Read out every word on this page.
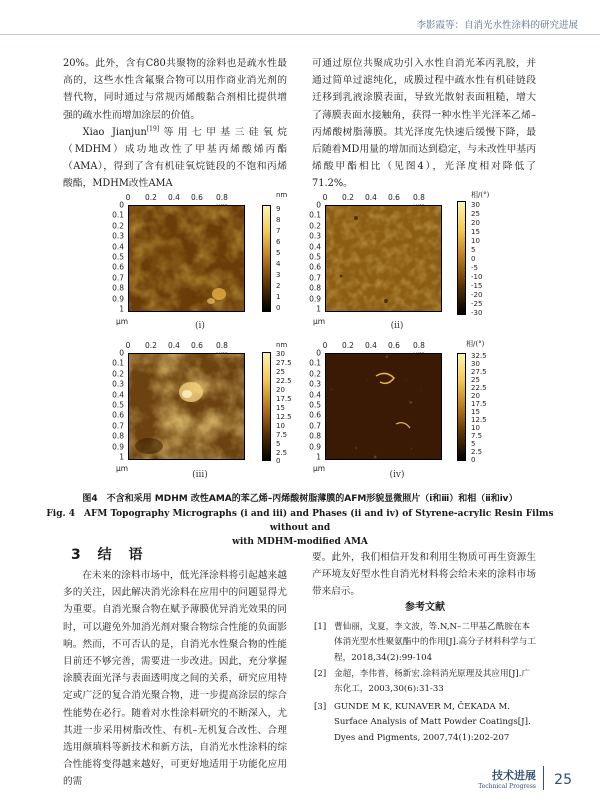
李影霞等：自消光水性涂料的研究进展

20%。此外，含有C80共聚物的涂料也是疏水性最高的，这些水性含氟聚合物可以用作商业消光剂的替代物，同时通过与常规丙烯酸黏合剂相比提供增强的疏水性而增加涂层的价值。

Xiao Jianjun[19]等用七甲基三硅氧烷（MDHM）成功地改性了甲基丙烯酸烯丙酯（AMA），得到了含有机硅氧烷链段的不饱和丙烯酸酯，MDHM改性AMA

可通过原位共聚成功引入水性自消光苯丙乳胶，并通过简单过滤纯化，成膜过程中疏水性有机硅链段迁移到乳液涂膜表面，导致光散射表面粗糙，增大了薄膜表面水接触角，获得一种水性半光泽苯乙烯–丙烯酸树脂薄膜。其光泽度先快速后缓慢下降，最后随着MD用量的增加而达到稳定，与未改性甲基丙烯酸甲酯相比（见图4），光泽度相对降低了71.2%。

0 0.2 0.4 0.6 0.8
0
0.1
0.2
0.3
0.4
0.5
0.6
0.7
0.8
0.9
1
μm
nm
9
8
7
6
5
4
3
2
1
0
(i)
0 0.2 0.4 0.6 0.8
0
0.1
0.2
0.3
0.4
0.5
0.6
0.7
0.8
0.9
1
μm
相/(°)
30
25
20
15
10
5
0
-5
-10
-15
-20
-25
-30
(ii)
0 0.2 0.4 0.6 0.8
0
0.1
0.2
0.3
0.4
0.5
0.6
0.7
0.8
0.9
1
μm
nm
30
27.5
25
22.5
20
17.5
15
12.5
10
7.5
5
2.5
0
(iii)
0 0.2 0.4 0.6 0.8
0
0.1
0.2
0.3
0.4
0.5
0.6
0.7
0.8
0.9
1
μm
相/(°)
32.5
30
27.5
25
22.5
20
17.5
15
12.5
10
7.5
5
2.5
0
(iv)
图4　不含和采用 MDHM 改性AMA的苯乙烯–丙烯酸树脂薄膜的AFM形貌显微照片（ⅰ和ⅲ）和相（ⅱ和ⅳ）
Fig. 4　AFM Topography Micrographs (ⅰ and ⅲ) and Phases (ⅱ and ⅳ) of Styrene-acrylic Resin Films without and
with MDHM-modified AMA
3 结 语

在未来的涂料市场中，低光泽涂料将引起越来越多的关注，因此解决消光涂料在应用中的问题显得尤为重要。自消光聚合物在赋予薄膜优异消光效果的同时，可以避免外加消光剂对聚合物综合性能的负面影响。然而，不可否认的是，自消光水性聚合物的性能目前还不够完善，需要进一步改进。因此，充分掌握涂膜表面光泽与表面透明度之间的关系，研究应用特定或广泛的复合消光聚合物，进一步提高涂层的综合性能势在必行。随着对水性涂料研究的不断深入，尤其进一步采用树脂改性、有机–无机复合改性、合理选用颜填料等新技术和新方法，自消光水性涂料的综合性能将变得越来越好，可更好地适用于功能化应用的需

要。此外，我们相信开发和利用生物质可再生资源生产环境友好型水性自消光材料将会给未来的涂料市场带来启示。

参考文献
[1] 曹仙丽，戈夏，李文波，等.N,N–二甲基乙酰胺在本体消光型水性聚氨酯中的作用[J].高分子材料科学与工程，2018,34(2):99-104
[2] 金超，李伟普，杨新宏.涂料消光原理及其应用[J].广东化工，2003,30(6):31-33
[3] GUNDE M K, KUNAVER M, ČEKADA M. Surface Analysis of Matt Powder Coatings[J]. Dyes and Pigments, 2007,74(1):202-207
技术进展
Technical Progress 25
